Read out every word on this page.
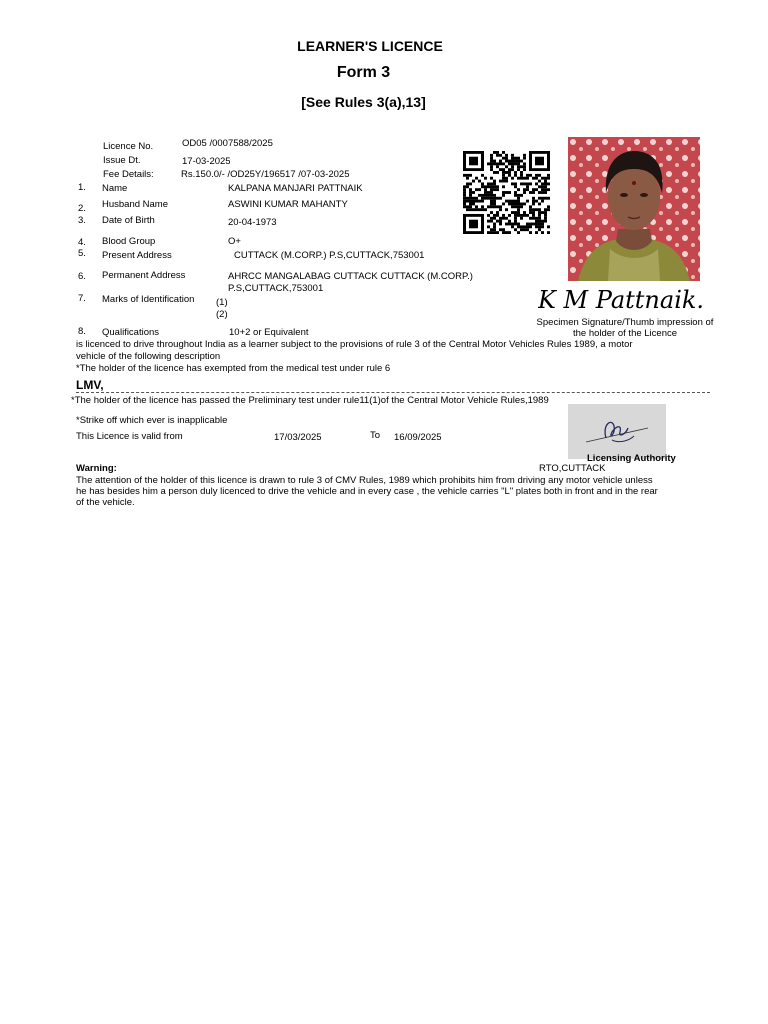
LEARNER'S LICENCE
Form 3
[See Rules 3(a),13]
Licence No.	OD05 /0007588/2025
Issue Dt.	17-03-2025
Fee Details:	Rs.150.0/- /OD25Y/196517 /07-03-2025
1. Name	KALPANA MANJARI PATTNAIK
2. Husband Name	ASWINI KUMAR MAHANTY
3. Date of Birth	20-04-1973
4. Blood Group	O+
5. Present Address	CUTTACK (M.CORP.) P.S,CUTTACK,753001
6. Permanent Address	AHRCC MANGALABAG CUTTACK CUTTACK (M.CORP.)
P.S,CUTTACK,753001
7. Marks of Identification (1)
(2)
8. Qualifications	10+2 or Equivalent
K M Pattnaik.
Specimen Signature/Thumb impression of
the holder of the Licence
is licenced to drive throughout India as a learner subject to the provisions of rule 3 of the Central Motor Vehicles Rules 1989, a motor
vehicle of the following description
*The holder of the licence has exempted from the medical test under rule 6
LMV,
*The holder of the licence has passed the Preliminary test under rule11(1)of the Central Motor Vehicle Rules,1989
*Strike off which ever is inapplicable
This Licence is valid from	17/03/2025	To 16/09/2025
Licensing Authority
RTO,CUTTACK
Warning:
The attention of the holder of this licence is drawn to rule 3 of CMV Rules, 1989 which prohibits him from driving any motor vehicle unless
he has besides him a person duly licenced to drive the vehicle and in every case , the vehicle carries "L" plates both in front and in the rear
of the vehicle.
